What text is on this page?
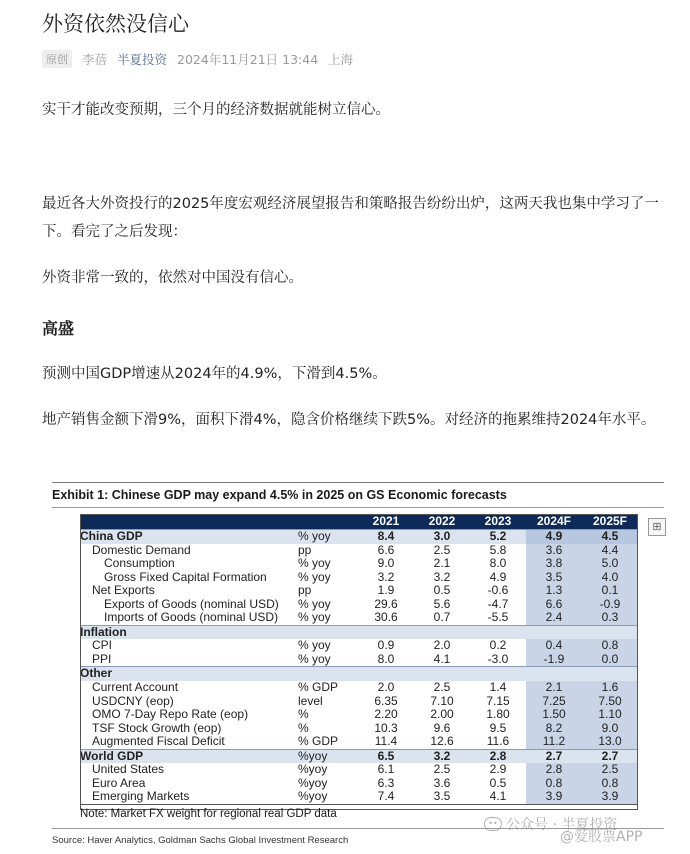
外资依然没信心
原创	李蓓 半夏投资 2024年11月21日 13:44 上海
实干才能改变预期，三个月的经济数据就能树立信心。
最近各大外资投行的2025年度宏观经济展望报告和策略报告纷纷出炉，这两天我也集中学习了一下。看完了之后发现：
外资非常一致的，依然对中国没有信心。
高盛
预测中国GDP增速从2024年的4.9%，下滑到4.5%。
地产销售金额下滑9%，面积下滑4%，隐含价格继续下跌5%。对经济的拖累维持2024年水平。
Exhibit 1: Chinese GDP may expand 4.5% in 2025 on GS Economic forecasts
⊞
		2021	2022	2023	2024F	2025F
China GDP	% yoy	8.4	3.0	5.2	4.9	4.5
Domestic Demand	pp	6.6	2.5	5.8	3.6	4.4
Consumption	% yoy	9.0	2.1	8.0	3.8	5.0
Gross Fixed Capital Formation	% yoy	3.2	3.2	4.9	3.5	4.0
Net Exports	pp	1.9	0.5	-0.6	1.3	0.1
Exports of Goods (nominal USD)	% yoy	29.6	5.6	-4.7	6.6	-0.9
Imports of Goods (nominal USD)	% yoy	30.6	0.7	-5.5	2.4	0.3
Inflation						
CPI	% yoy	0.9	2.0	0.2	0.4	0.8
PPI	% yoy	8.0	4.1	-3.0	-1.9	0.0
Other						
Current Account	% GDP	2.0	2.5	1.4	2.1	1.6
USDCNY (eop)	level	6.35	7.10	7.15	7.25	7.50
OMO 7-Day Repo Rate (eop)	%	2.20	2.00	1.80	1.50	1.10
TSF Stock Growth (eop)	%	10.3	9.6	9.5	8.2	9.0
Augmented Fiscal Deficit	% GDP	11.4	12.6	11.6	11.2	13.0
World GDP	%yoy	6.5	3.2	2.8	2.7	2.7
United States	%yoy	6.1	2.5	2.9	2.8	2.5
Euro Area	%yoy	6.3	3.6	0.5	0.8	0.8
Emerging Markets	%yoy	7.4	3.5	4.1	3.9	3.9
Note: Market FX weight for regional real GDP data
Source: Haver Analytics, Goldman Sachs Global Investment Research
•• 公众号 · 半夏投资
@爱股票APP
